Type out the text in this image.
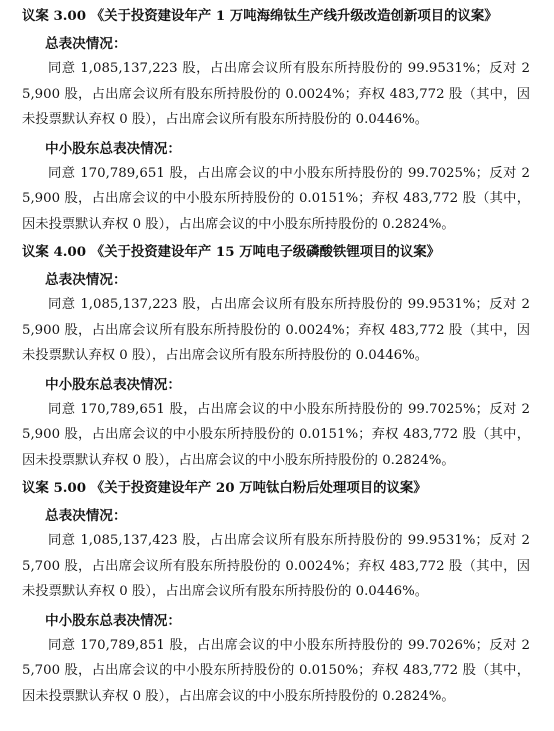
议案 3.00 《关于投资建设年产 1 万吨海绵钛生产线升级改造创新项目的议案》
总表决情况：

同意 1,085,137,223 股，占出席会议所有股东所持股份的 99.9531%；反对 25,900 股，占出席会议所有股东所持股份的 0.0024%；弃权 483,772 股（其中，因未投票默认弃权 0 股），占出席会议所有股东所持股份的 0.0446%。

中小股东总表决情况：

同意 170,789,651 股，占出席会议的中小股东所持股份的 99.7025%；反对 25,900 股，占出席会议的中小股东所持股份的 0.0151%；弃权 483,772 股（其中，因未投票默认弃权 0 股），占出席会议的中小股东所持股份的 0.2824%。

议案 4.00 《关于投资建设年产 15 万吨电子级磷酸铁锂项目的议案》
总表决情况：

同意 1,085,137,223 股，占出席会议所有股东所持股份的 99.9531%；反对 25,900 股，占出席会议所有股东所持股份的 0.0024%；弃权 483,772 股（其中，因未投票默认弃权 0 股），占出席会议所有股东所持股份的 0.0446%。

中小股东总表决情况：

同意 170,789,651 股，占出席会议的中小股东所持股份的 99.7025%；反对 25,900 股，占出席会议的中小股东所持股份的 0.0151%；弃权 483,772 股（其中，因未投票默认弃权 0 股），占出席会议的中小股东所持股份的 0.2824%。

议案 5.00 《关于投资建设年产 20 万吨钛白粉后处理项目的议案》
总表决情况：

同意 1,085,137,423 股，占出席会议所有股东所持股份的 99.9531%；反对 25,700 股，占出席会议所有股东所持股份的 0.0024%；弃权 483,772 股（其中，因未投票默认弃权 0 股），占出席会议所有股东所持股份的 0.0446%。

中小股东总表决情况：

同意 170,789,851 股，占出席会议的中小股东所持股份的 99.7026%；反对 25,700 股，占出席会议的中小股东所持股份的 0.0150%；弃权 483,772 股（其中，因未投票默认弃权 0 股），占出席会议的中小股东所持股份的 0.2824%。
